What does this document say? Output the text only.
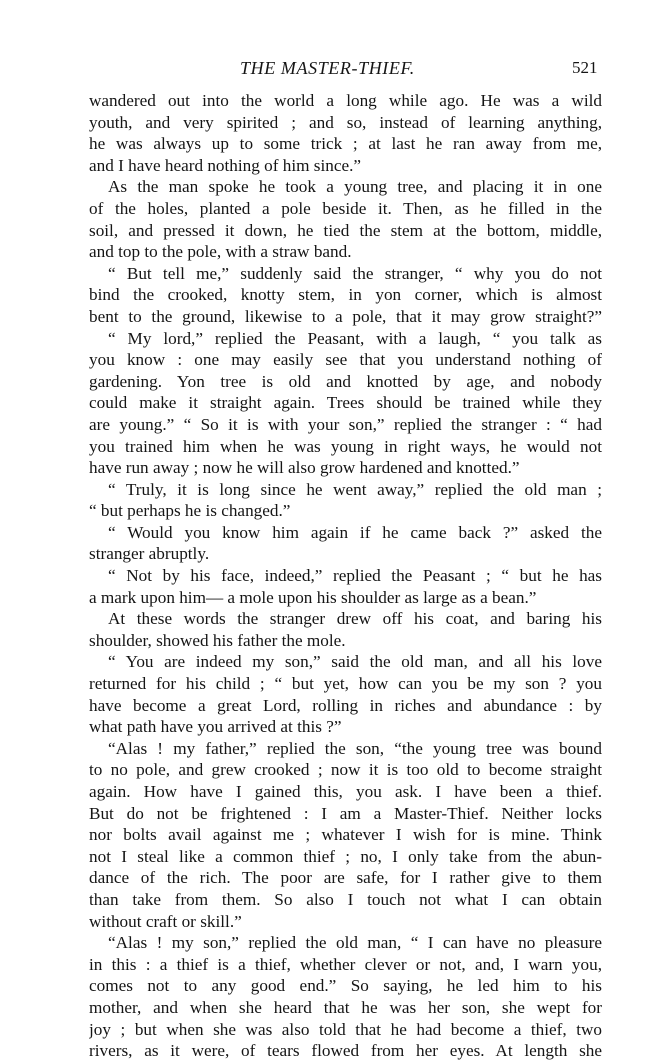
THE MASTER-THIEF.	521
wandered out into the world a long while ago. He was a wild
youth, and very spirited ; and so, instead of learning anything,
he was always up to some trick ; at last he ran away from me,
and I have heard nothing of him since.”
As the man spoke he took a young tree, and placing it in one
of the holes, planted a pole beside it. Then, as he filled in the
soil, and pressed it down, he tied the stem at the bottom, middle,
and top to the pole, with a straw band.
“ But tell me,” suddenly said the stranger, “ why you do not
bind the crooked, knotty stem, in yon corner, which is almost
bent to the ground, likewise to a pole, that it may grow straight?”
“ My lord,” replied the Peasant, with a laugh, “ you talk as
you know : one may easily see that you understand nothing of
gardening. Yon tree is old and knotted by age, and nobody
could make it straight again. Trees should be trained while they
are young.” “ So it is with your son,” replied the stranger : “ had
you trained him when he was young in right ways, he would not
have run away ; now he will also grow hardened and knotted.”
“ Truly, it is long since he went away,” replied the old man ;
“ but perhaps he is changed.”
“ Would you know him again if he came back ?” asked the
stranger abruptly.
“ Not by his face, indeed,” replied the Peasant ; “ but he has
a mark upon him— a mole upon his shoulder as large as a bean.”
At these words the stranger drew off his coat, and baring his
shoulder, showed his father the mole.
“ You are indeed my son,” said the old man, and all his love
returned for his child ; “ but yet, how can you be my son ? you
have become a great Lord, rolling in riches and abundance : by
what path have you arrived at this ?”
“Alas ! my father,” replied the son, “the young tree was bound
to no pole, and grew crooked ; now it is too old to become straight
again. How have I gained this, you ask. I have been a thief.
But do not be frightened : I am a Master-Thief. Neither locks
nor bolts avail against me ; whatever I wish for is mine. Think
not I steal like a common thief ; no, I only take from the abun-
dance of the rich. The poor are safe, for I rather give to them
than take from them. So also I touch not what I can obtain
without craft or skill.”
“Alas ! my son,” replied the old man, “ I can have no pleasure
in this : a thief is a thief, whether clever or not, and, I warn you,
comes not to any good end.” So saying, he led him to his
mother, and when she heard that he was her son, she wept for
joy ; but when she was also told that he had become a thief, two
rivers, as it were, of tears flowed from her eyes. At length she
